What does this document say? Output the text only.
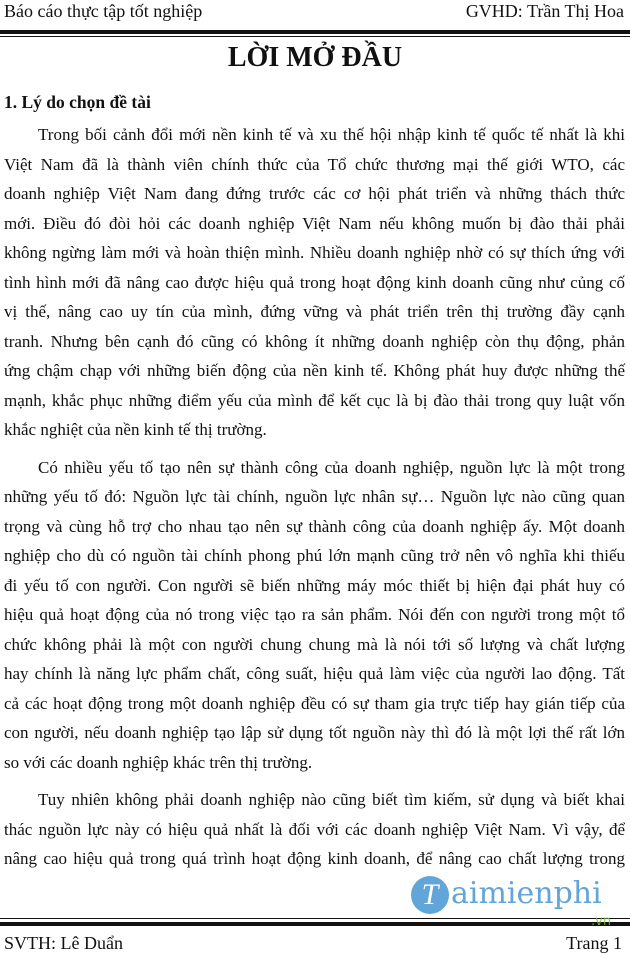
Báo cáo thực tập tốt nghiệp	GVHD: Trần Thị Hoa
LỜI MỞ ĐẦU
1. Lý do chọn đề tài
Trong bối cảnh đổi mới nền kinh tế và xu thế hội nhập kinh tế quốc tế nhất là khi
Việt Nam đã là thành viên chính thức của Tổ chức thương mại thế giới WTO, các
doanh nghiệp Việt Nam đang đứng trước các cơ hội phát triển và những thách thức
mới. Điều đó đòi hỏi các doanh nghiệp Việt Nam nếu không muốn bị đào thải phải
không ngừng làm mới và hoàn thiện mình. Nhiều doanh nghiệp nhờ có sự thích ứng với
tình hình mới đã nâng cao được hiệu quả trong hoạt động kinh doanh cũng như củng cố
vị thế, nâng cao uy tín của mình, đứng vững và phát triển trên thị trường đầy cạnh
tranh. Nhưng bên cạnh đó cũng có không ít những doanh nghiệp còn thụ động, phản
ứng chậm chạp với những biến động của nền kinh tế. Không phát huy được những thế
mạnh, khắc phục những điểm yếu của mình để kết cục là bị đào thải trong quy luật vốn
khắc nghiệt của nền kinh tế thị trường.
Có nhiều yếu tố tạo nên sự thành công của doanh nghiệp, nguồn lực là một trong
những yếu tố đó: Nguồn lực tài chính, nguồn lực nhân sự… Nguồn lực nào cũng quan
trọng và cùng hỗ trợ cho nhau tạo nên sự thành công của doanh nghiệp ấy. Một doanh
nghiệp cho dù có nguồn tài chính phong phú lớn mạnh cũng trở nên vô nghĩa khi thiếu
đi yếu tố con người. Con người sẽ biến những máy móc thiết bị hiện đại phát huy có
hiệu quả hoạt động của nó trong việc tạo ra sản phẩm. Nói đến con người trong một tổ
chức không phải là một con người chung chung mà là nói tới số lượng và chất lượng
hay chính là năng lực phẩm chất, công suất, hiệu quả làm việc của người lao động. Tất
cả các hoạt động trong một doanh nghiệp đều có sự tham gia trực tiếp hay gián tiếp của
con người, nếu doanh nghiệp tạo lập sử dụng tốt nguồn này thì đó là một lợi thế rất lớn
so với các doanh nghiệp khác trên thị trường.
Tuy nhiên không phải doanh nghiệp nào cũng biết tìm kiếm, sử dụng và biết khai
thác nguồn lực này có hiệu quả nhất là đối với các doanh nghiệp Việt Nam. Vì vậy, để
nâng cao hiệu quả trong quá trình hoạt động kinh doanh, để nâng cao chất lượng trong
SVTH: Lê Duẩn	Trang 1
T aimienphi
.vn
